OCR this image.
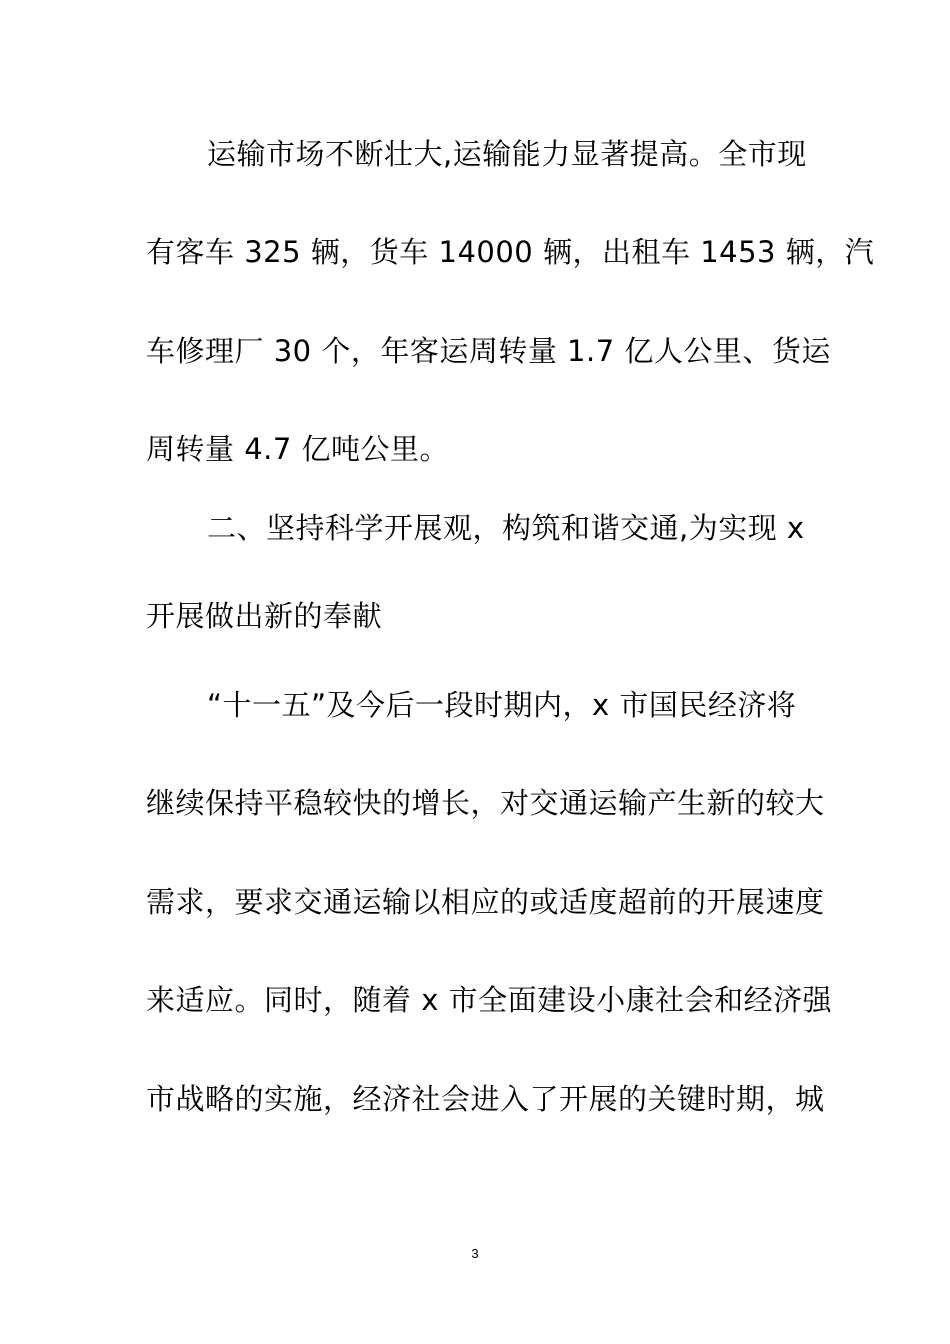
运输市场不断壮大,运输能力显著提高。全市现
有客车 325 辆，货车 14000 辆，出租车 1453 辆，汽
车修理厂 30 个，年客运周转量 1.7 亿人公里、货运
周转量 4.7 亿吨公里。
二、坚持科学开展观，构筑和谐交通,为实现 x
开展做出新的奉献
“十一五”及今后一段时期内，x 市国民经济将
继续保持平稳较快的增长，对交通运输产生新的较大
需求，要求交通运输以相应的或适度超前的开展速度
来适应。同时，随着 x 市全面建设小康社会和经济强
市战略的实施，经济社会进入了开展的关键时期，城
3
